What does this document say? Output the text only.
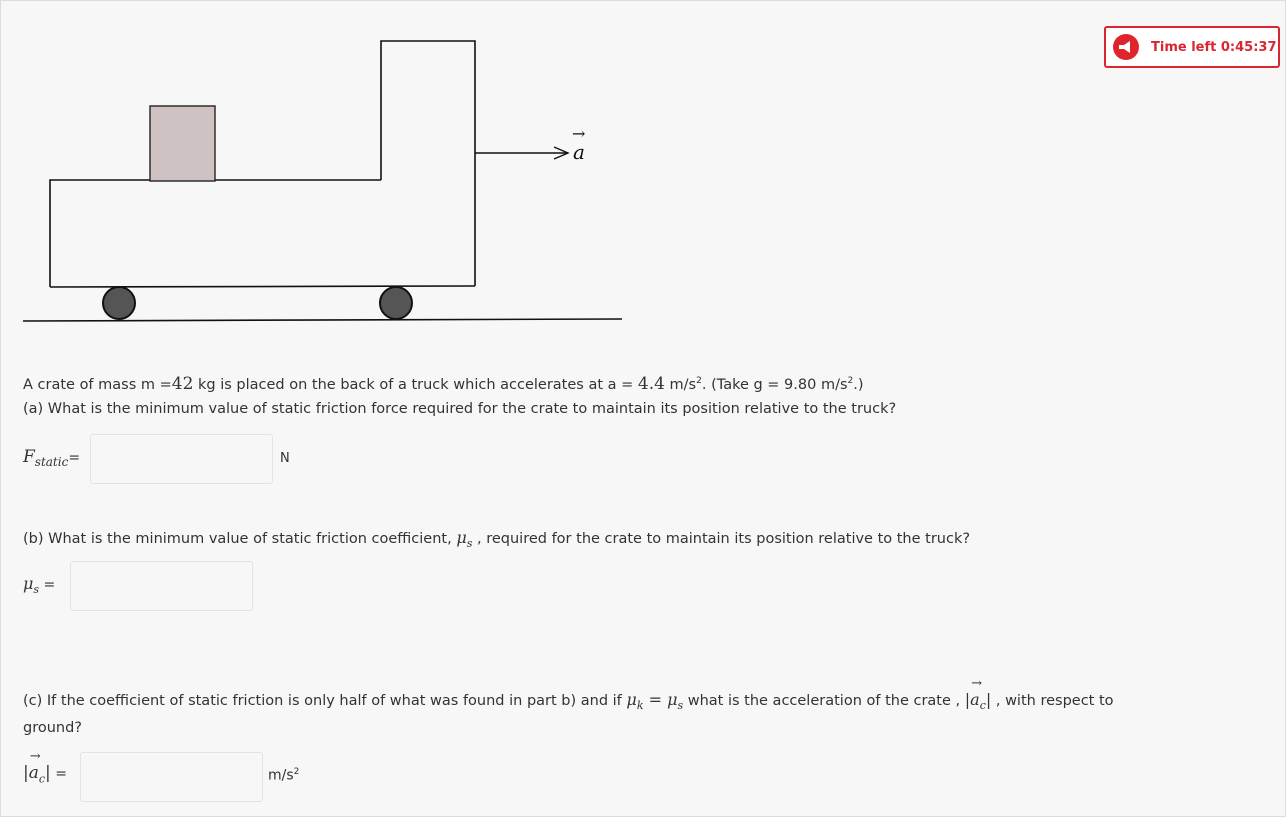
Time left 0:45:37
→
a
A crate of mass m =42 kg is placed on the back of a truck which accelerates at a = 4.4 $m/s^2$. (Take g = 9.80 $m/s^2$.)
(a) What is the minimum value of static friction force required for the crate to maintain its position relative to the truck?
$F_{static}=$	N
(b) What is the minimum value of static friction coefficient, $\mu_s$ , required for the crate to maintain its position relative to the truck?
$\mu_s$ =
(c) If the coefficient of static friction is only half of what was found in part b) and if $\mu_k = \mu_s$ what is the acceleration of the crate , |
→
$a_c|$ , with respect to
ground?
|
→
$a_c|$ =	$m/s^2$
